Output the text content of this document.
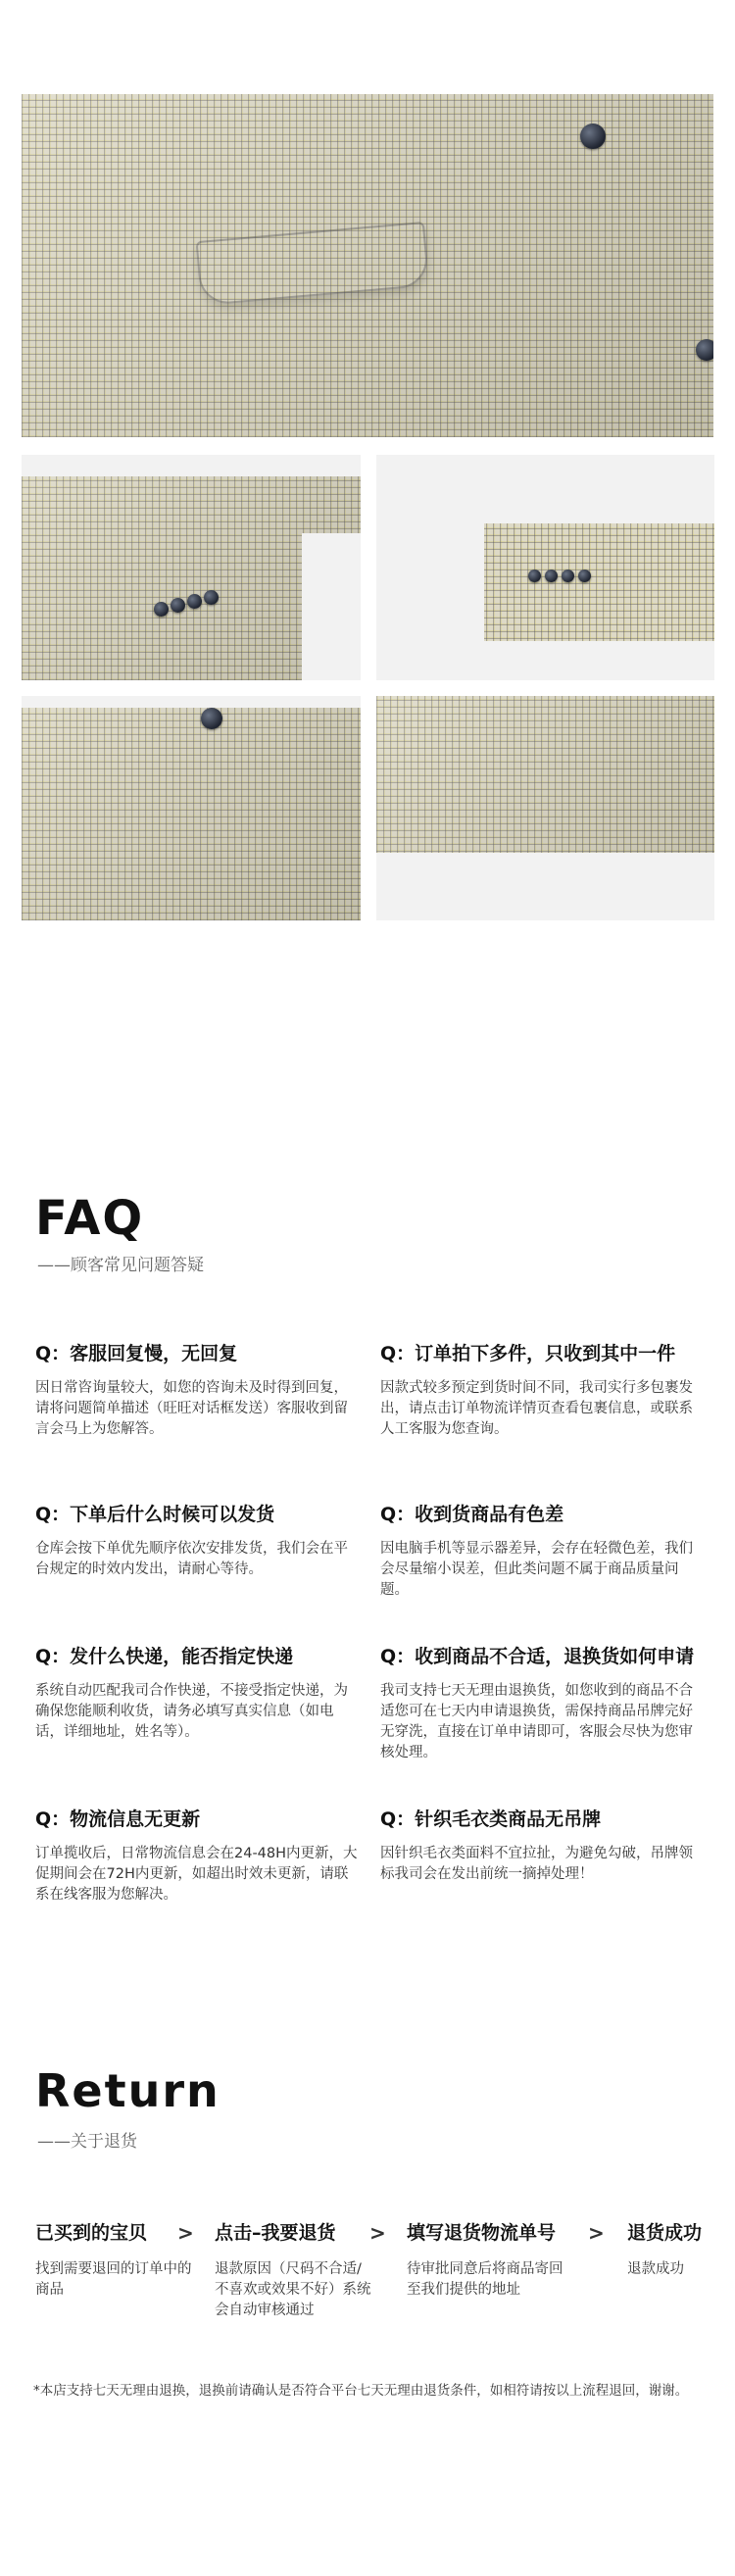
FAQ

——顾客常见问题答疑

Q：客服回复慢，无回复

因日常咨询量较大，如您的咨询未及时得到回复，请将问题简单描述（旺旺对话框发送）客服收到留言会马上为您解答。

Q：订单拍下多件，只收到其中一件

因款式较多预定到货时间不同，我司实行多包裹发出，请点击订单物流详情页查看包裹信息，或联系人工客服为您查询。

Q：下单后什么时候可以发货

仓库会按下单优先顺序依次安排发货，我们会在平台规定的时效内发出，请耐心等待。

Q：收到货商品有色差

因电脑手机等显示器差异，会存在轻微色差，我们会尽量缩小误差，但此类问题不属于商品质量问题。

Q：发什么快递，能否指定快递

系统自动匹配我司合作快递，不接受指定快递，为确保您能顺利收货，请务必填写真实信息（如电话，详细地址，姓名等）。

Q：收到商品不合适，退换货如何申请

我司支持七天无理由退换货，如您收到的商品不合适您可在七天内申请退换货，需保持商品吊牌完好无穿洗，直接在订单申请即可，客服会尽快为您审核处理。

Q：物流信息无更新

订单揽收后，日常物流信息会在24-48H内更新，大促期间会在72H内更新，如超出时效未更新，请联系在线客服为您解决。

Q：针织毛衣类商品无吊牌

因针织毛衣类面料不宜拉扯，为避免勾破，吊牌领标我司会在发出前统一摘掉处理！

Return

——关于退货

已买到的宝贝

找到需要退回的订单中的商品

> 点击–我要退货

退款原因（尺码不合适/不喜欢或效果不好）系统会自动审核通过

> 填写退货物流单号

待审批同意后将商品寄回至我们提供的地址

> 退货成功

退款成功

*本店支持七天无理由退换，退换前请确认是否符合平台七天无理由退货条件，如相符请按以上流程退回，谢谢。
